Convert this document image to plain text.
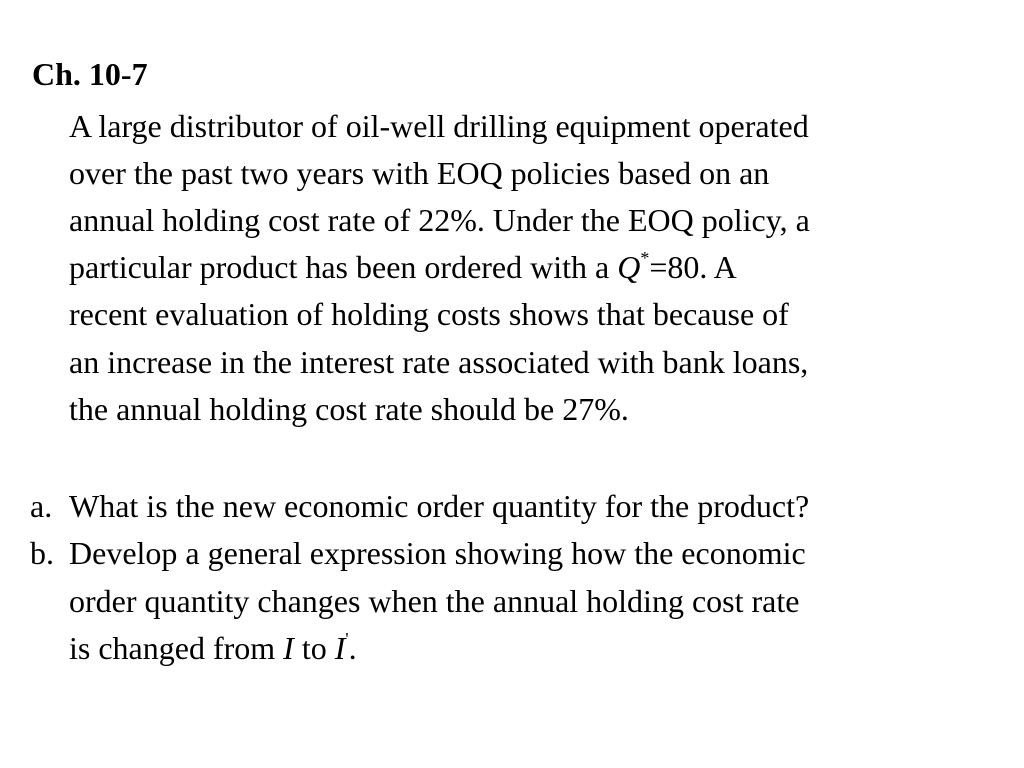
Ch. 10-7
A large distributor of oil-well drilling equipment operated
over the past two years with EOQ policies based on an
annual holding cost rate of 22%. Under the EOQ policy, a
particular product has been ordered with a Q*=80. A
recent evaluation of holding costs shows that because of
an increase in the interest rate associated with bank loans,
the annual holding cost rate should be 27%.
a. What is the new economic order quantity for the product?
b. Develop a general expression showing how the economic
order quantity changes when the annual holding cost rate
is changed from I to I'.
